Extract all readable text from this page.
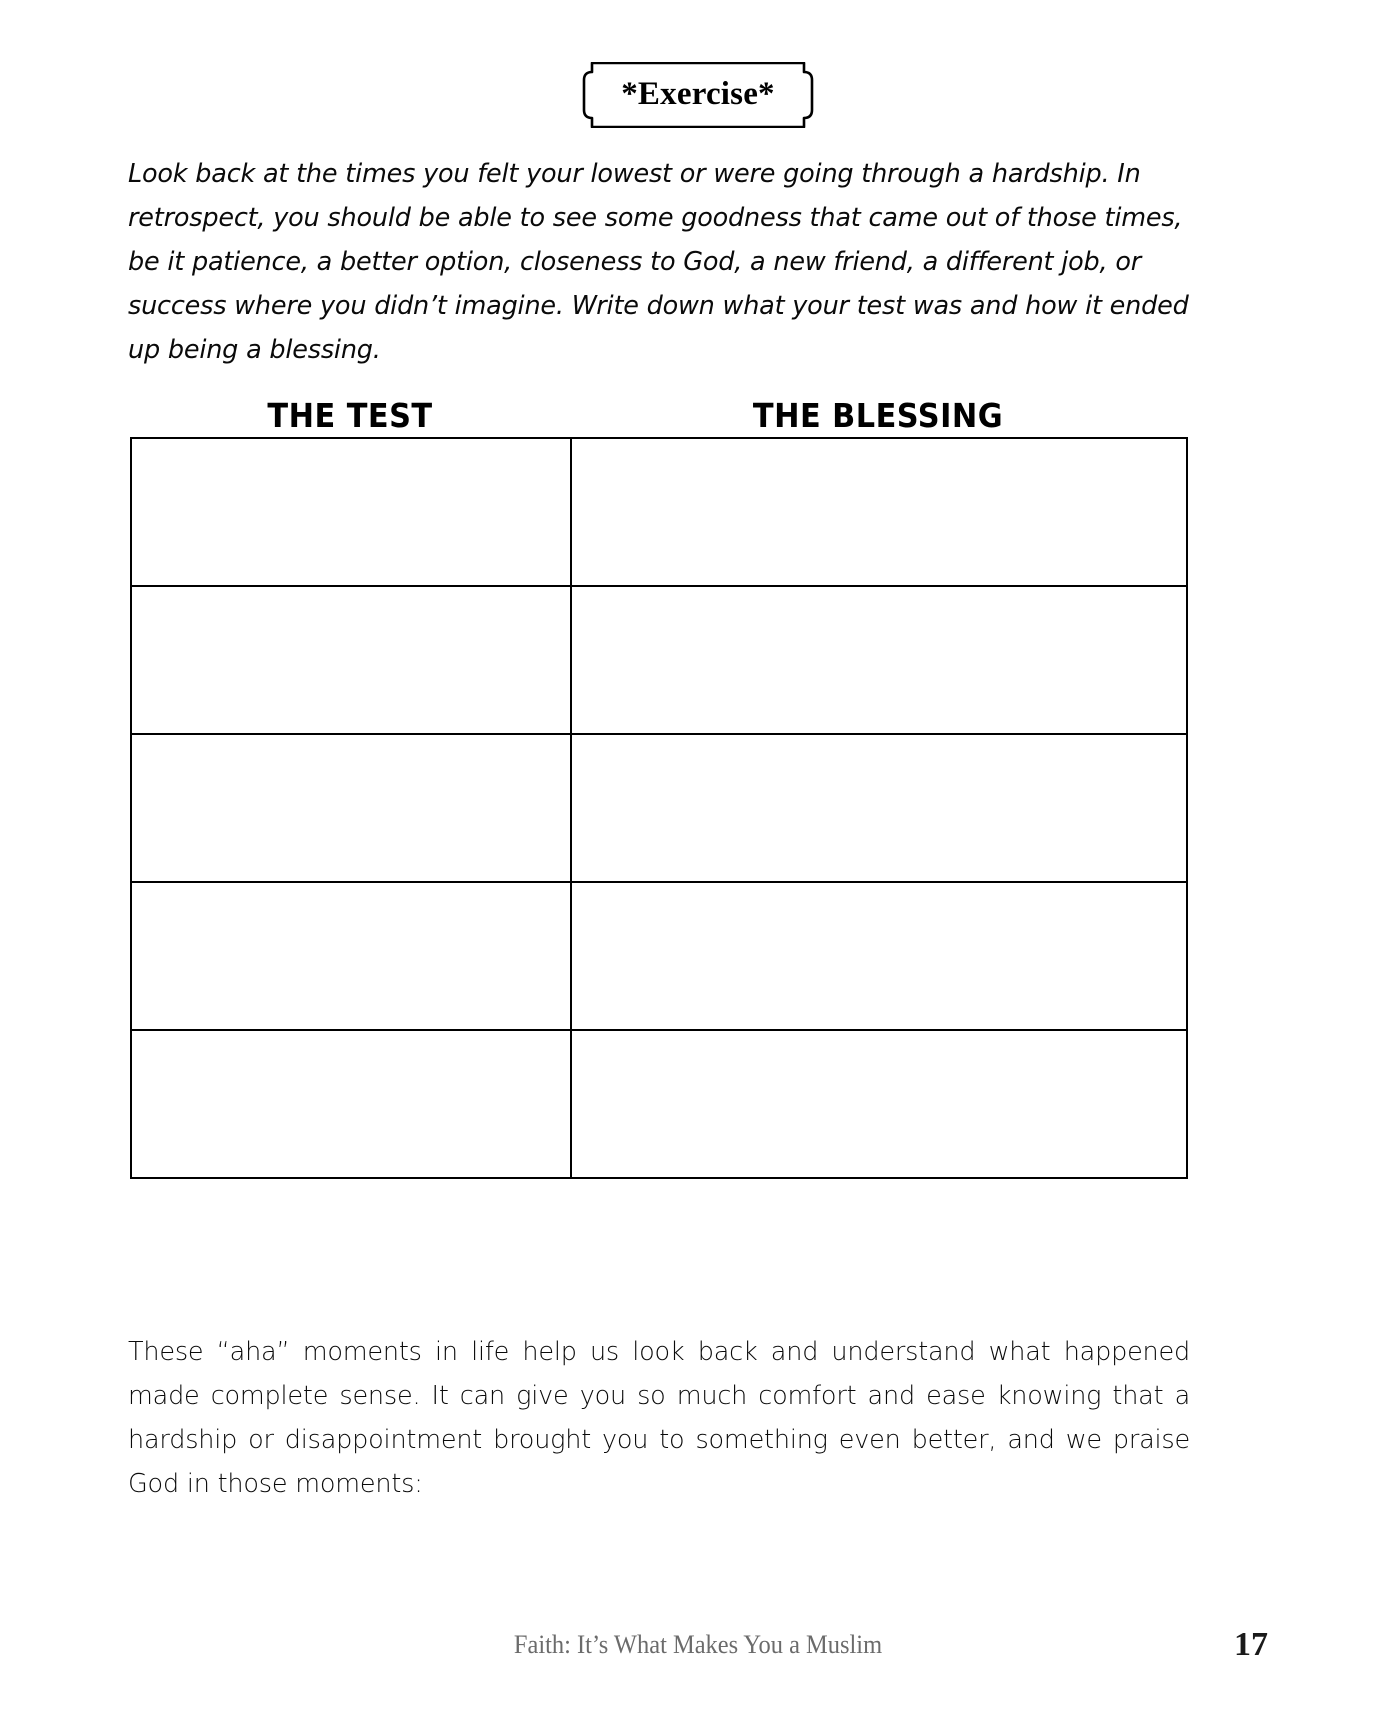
*Exercise*
Look back at the times you felt your lowest or were going through a hardship. In retrospect, you should be able to see some goodness that came out of those times, be it patience, a better option, closeness to God, a new friend, a different job, or success where you didn’t imagine. Write down what your test was and how it ended up being a blessing.
THE TEST	THE BLESSING

These “aha” moments in life help us look back and understand what happened made complete sense. It can give you so much comfort and ease knowing that a hardship or disappointment brought you to something even better, and we praise God in those moments:
Faith: It’s What Makes You a Muslim	17
